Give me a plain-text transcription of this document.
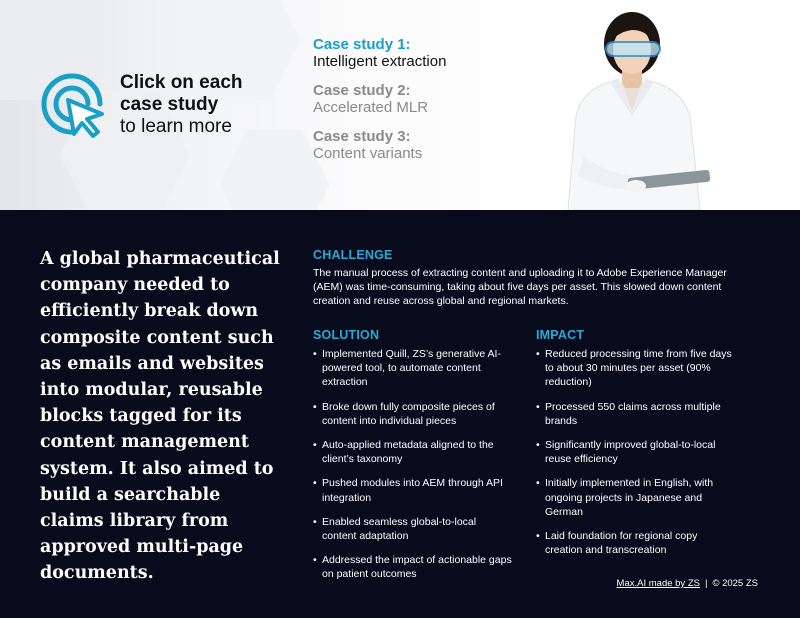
Click on each
case study
to learn more
Case study 1:
Intelligent extraction
Case study 2:
Accelerated MLR
Case study 3:
Content variants

A global pharmaceutical company needed to efficiently break down composite content such as emails and websites into modular, reusable blocks tagged for its content management system. It also aimed to build a searchable claims library from approved multi-page documents.

CHALLENGE

The manual process of extracting content and uploading it to Adobe Experience Manager (AEM) was time-consuming, taking about five days per asset. This slowed down content creation and reuse across global and regional markets.

SOLUTION
• Implemented Quill, ZS’s generative AI-powered tool, to automate content extraction
• Broke down fully composite pieces of content into individual pieces
• Auto-applied metadata aligned to the client’s taxonomy
• Pushed modules into AEM through API integration
• Enabled seamless global-to-local content adaptation
• Addressed the impact of actionable gaps on patient outcomes
IMPACT
• Reduced processing time from five days to about 30 minutes per asset (90% reduction)
• Processed 550 claims across multiple brands
• Significantly improved global-to-local reuse efficiency
• Initially implemented in English, with ongoing projects in Japanese and German
• Laid foundation for regional copy creation and transcreation
Max.AI made by ZS | © 2025 ZS
